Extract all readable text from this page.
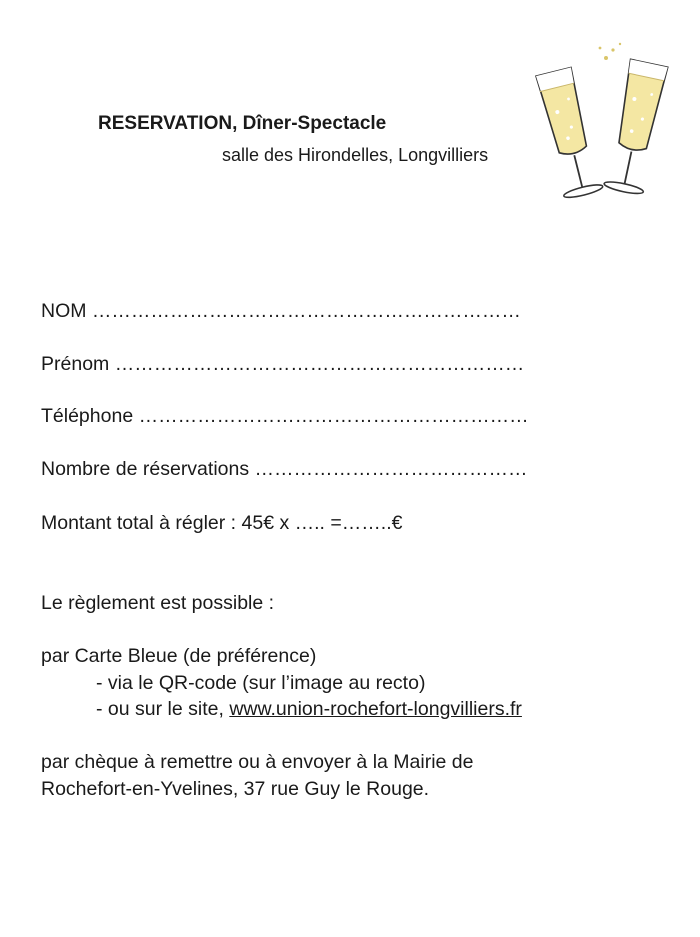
RESERVATION, Dîner-Spectacle
salle des Hirondelles, Longvilliers
NOM …………………………………………………………
Prénom ………………………………………………………
Téléphone ……………………………………………………
Nombre de réservations ……………………………………
Montant total à régler : 45€ x ….. =……..€
Le règlement est possible :
par Carte Bleue (de préférence)
- via le QR-code (sur l’image au recto)
- ou sur le site, www.union-rochefort-longvilliers.fr
par chèque à remettre ou à envoyer à la Mairie de
Rochefort-en-Yvelines, 37 rue Guy le Rouge.
